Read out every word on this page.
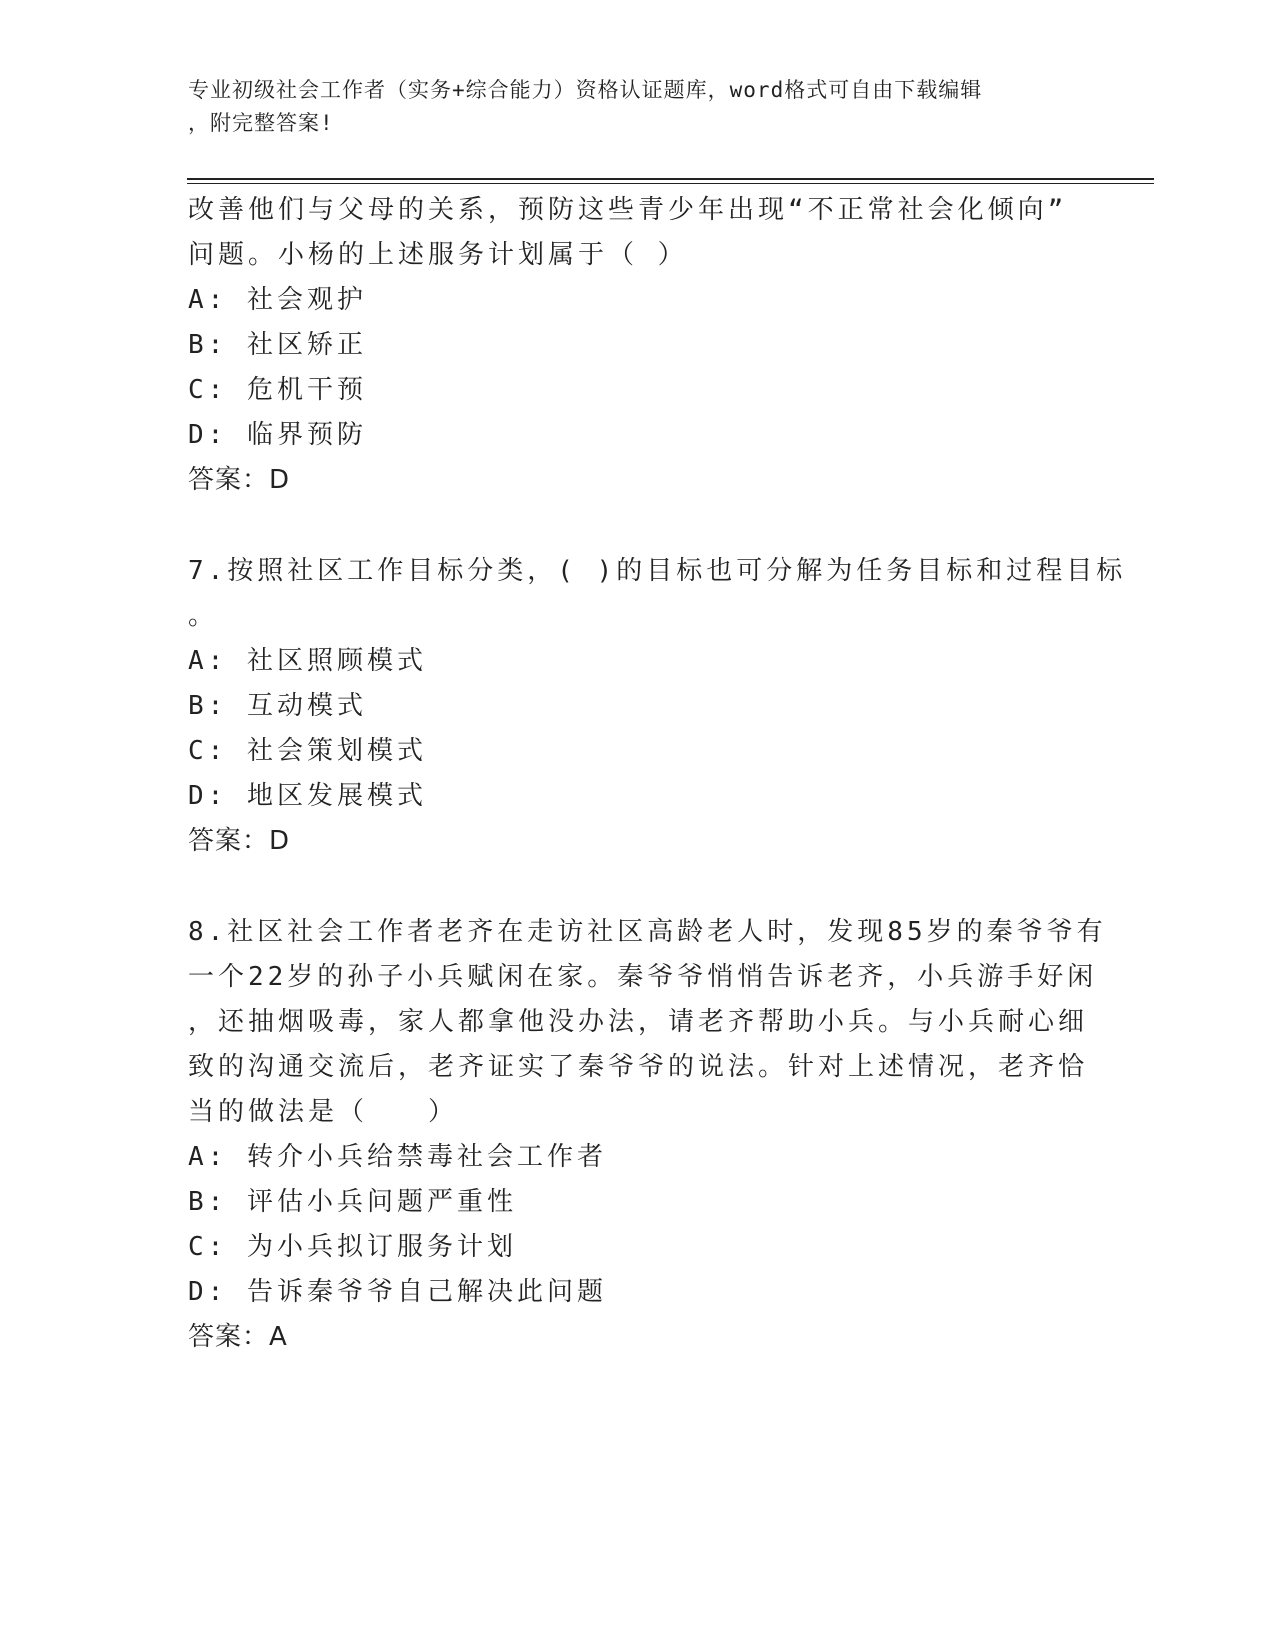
专业初级社会工作者（实务+综合能力）资格认证题库，word格式可自由下载编辑
，附完整答案!
改善他们与父母的关系，预防这些青少年出现“不正常社会化倾向”
问题。小杨的上述服务计划属于（ ）
A: 社会观护
B: 社区矫正
C: 危机干预
D: 临界预防
答案：D
7.按照社区工作目标分类，( )的目标也可分解为任务目标和过程目标
。
A: 社区照顾模式
B: 互动模式
C: 社会策划模式
D: 地区发展模式
答案：D
8.社区社会工作者老齐在走访社区高龄老人时，发现85岁的秦爷爷有
一个22岁的孙子小兵赋闲在家。秦爷爷悄悄告诉老齐，小兵游手好闲
，还抽烟吸毒，家人都拿他没办法，请老齐帮助小兵。与小兵耐心细
致的沟通交流后，老齐证实了秦爷爷的说法。针对上述情况，老齐恰
当的做法是（　　）
A: 转介小兵给禁毒社会工作者
B: 评估小兵问题严重性
C: 为小兵拟订服务计划
D: 告诉秦爷爷自己解决此问题
答案：A
